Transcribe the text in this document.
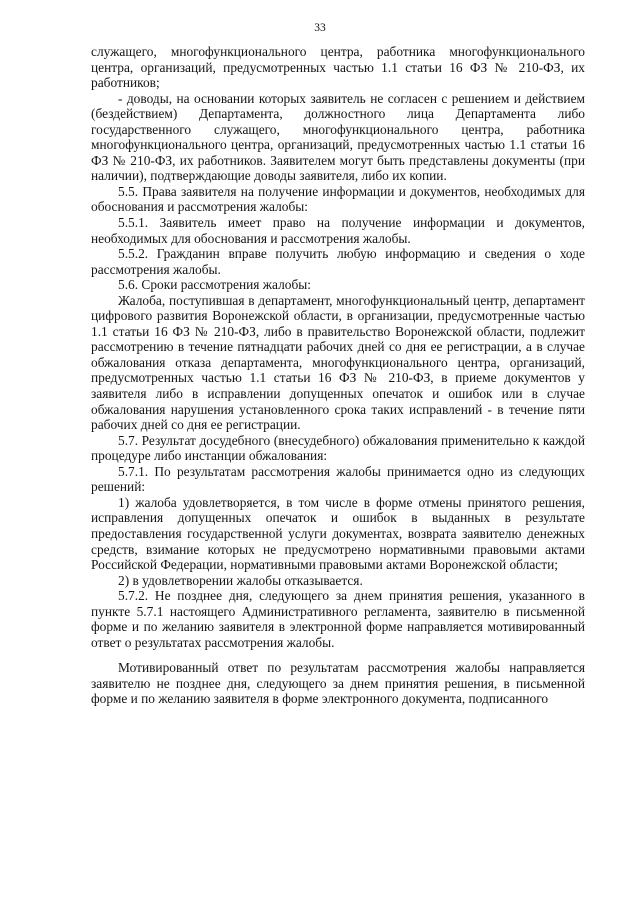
33

служащего, многофункционального центра, работника многофункционального центра, организаций, предусмотренных частью 1.1 статьи 16 ФЗ № 210-ФЗ, их работников;

- доводы, на основании которых заявитель не согласен с решением и действием (бездействием) Департамента, должностного лица Департамента либо государственного служащего, многофункционального центра, работника многофункционального центра, организаций, предусмотренных частью 1.1 статьи 16 ФЗ № 210-ФЗ, их работников. Заявителем могут быть представлены документы (при наличии), подтверждающие доводы заявителя, либо их копии.

5.5. Права заявителя на получение информации и документов, необходимых для обоснования и рассмотрения жалобы:

5.5.1. Заявитель имеет право на получение информации и документов, необходимых для обоснования и рассмотрения жалобы.

5.5.2. Гражданин вправе получить любую информацию и сведения о ходе рассмотрения жалобы.

5.6. Сроки рассмотрения жалобы:

Жалоба, поступившая в департамент, многофункциональный центр, департамент цифрового развития Воронежской области, в организации, предусмотренные частью 1.1 статьи 16 ФЗ № 210-ФЗ, либо в правительство Воронежской области, подлежит рассмотрению в течение пятнадцати рабочих дней со дня ее регистрации, а в случае обжалования отказа департамента, многофункционального центра, организаций, предусмотренных частью 1.1 статьи 16 ФЗ № 210-ФЗ, в приеме документов у заявителя либо в исправлении допущенных опечаток и ошибок или в случае обжалования нарушения установленного срока таких исправлений - в течение пяти рабочих дней со дня ее регистрации.

5.7. Результат досудебного (внесудебного) обжалования применительно к каждой процедуре либо инстанции обжалования:

5.7.1. По результатам рассмотрения жалобы принимается одно из следующих решений:

1) жалоба удовлетворяется, в том числе в форме отмены принятого решения, исправления допущенных опечаток и ошибок в выданных в результате предоставления государственной услуги документах, возврата заявителю денежных средств, взимание которых не предусмотрено нормативными правовыми актами Российской Федерации, нормативными правовыми актами Воронежской области;

2) в удовлетворении жалобы отказывается.

5.7.2. Не позднее дня, следующего за днем принятия решения, указанного в пункте 5.7.1 настоящего Административного регламента, заявителю в письменной форме и по желанию заявителя в электронной форме направляется мотивированный ответ о результатах рассмотрения жалобы.

Мотивированный ответ по результатам рассмотрения жалобы направляется заявителю не позднее дня, следующего за днем принятия решения, в письменной форме и по желанию заявителя в форме электронного документа, подписанного
